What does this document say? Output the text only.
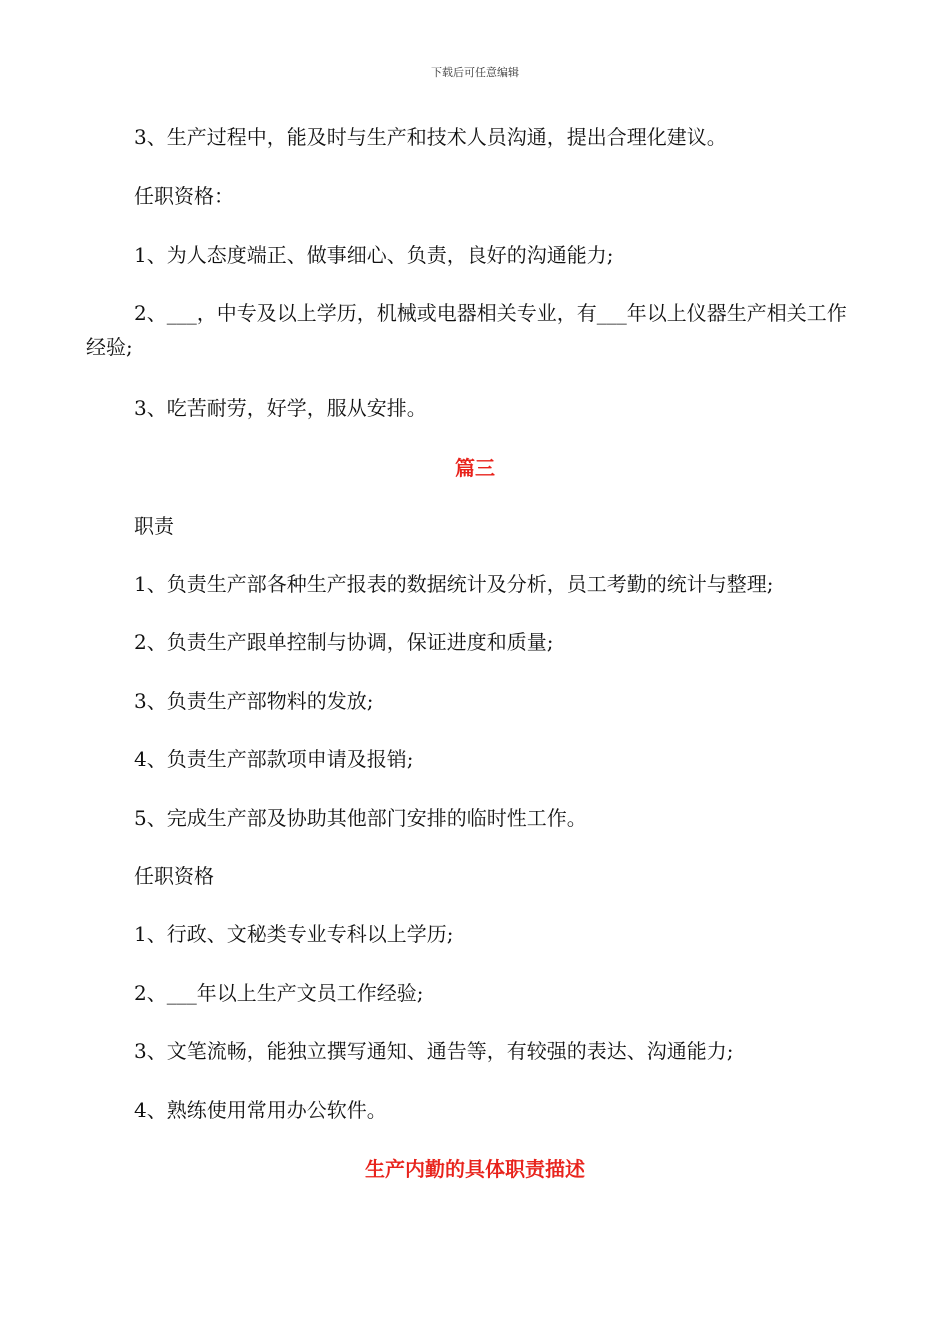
下载后可任意编辑
3、生产过程中，能及时与生产和技术人员沟通，提出合理化建议。
任职资格：
1、为人态度端正、做事细心、负责，良好的沟通能力;
2、___，中专及以上学历，机械或电器相关专业，有___年以上仪器生产相关工作经验;
3、吃苦耐劳，好学，服从安排。
篇三
职责
1、负责生产部各种生产报表的数据统计及分析，员工考勤的统计与整理;
2、负责生产跟单控制与协调，保证进度和质量;
3、负责生产部物料的发放;
4、负责生产部款项申请及报销;
5、完成生产部及协助其他部门安排的临时性工作。
任职资格
1、行政、文秘类专业专科以上学历;
2、___年以上生产文员工作经验;
3、文笔流畅，能独立撰写通知、通告等，有较强的表达、沟通能力;
4、熟练使用常用办公软件。
生产内勤的具体职责描述
